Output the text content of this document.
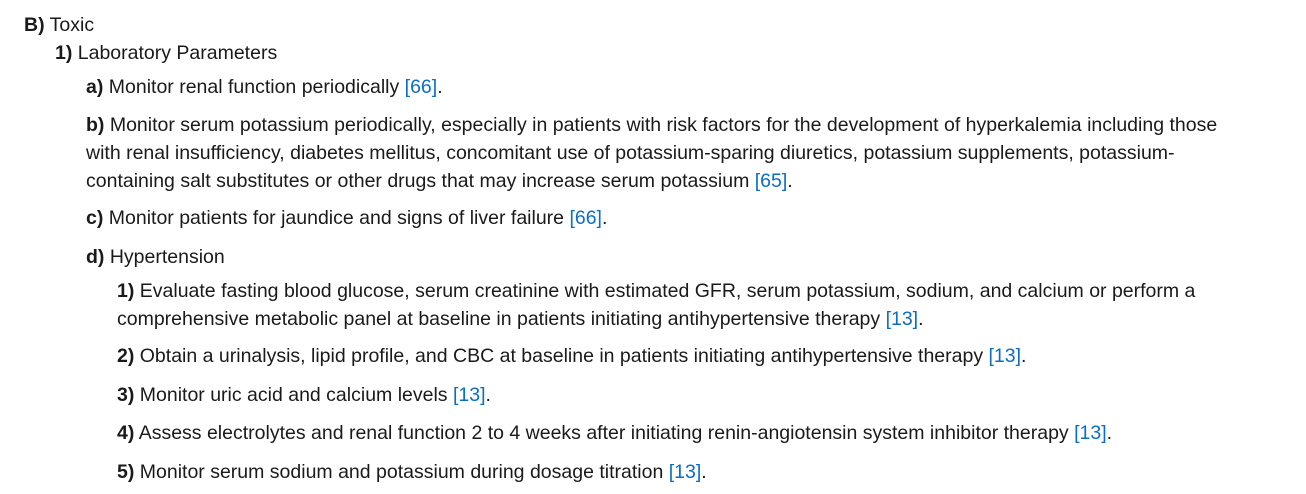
B) Toxic
1) Laboratory Parameters
a) Monitor renal function periodically [66].
b) Monitor serum potassium periodically, especially in patients with risk factors for the development of hyperkalemia including those
with renal insufficiency, diabetes mellitus, concomitant use of potassium-sparing diuretics, potassium supplements, potassium-
containing salt substitutes or other drugs that may increase serum potassium [65].
c) Monitor patients for jaundice and signs of liver failure [66].
d) Hypertension
1) Evaluate fasting blood glucose, serum creatinine with estimated GFR, serum potassium, sodium, and calcium or perform a
comprehensive metabolic panel at baseline in patients initiating antihypertensive therapy [13].
2) Obtain a urinalysis, lipid profile, and CBC at baseline in patients initiating antihypertensive therapy [13].
3) Monitor uric acid and calcium levels [13].
4) Assess electrolytes and renal function 2 to 4 weeks after initiating renin-angiotensin system inhibitor therapy [13].
5) Monitor serum sodium and potassium during dosage titration [13].
